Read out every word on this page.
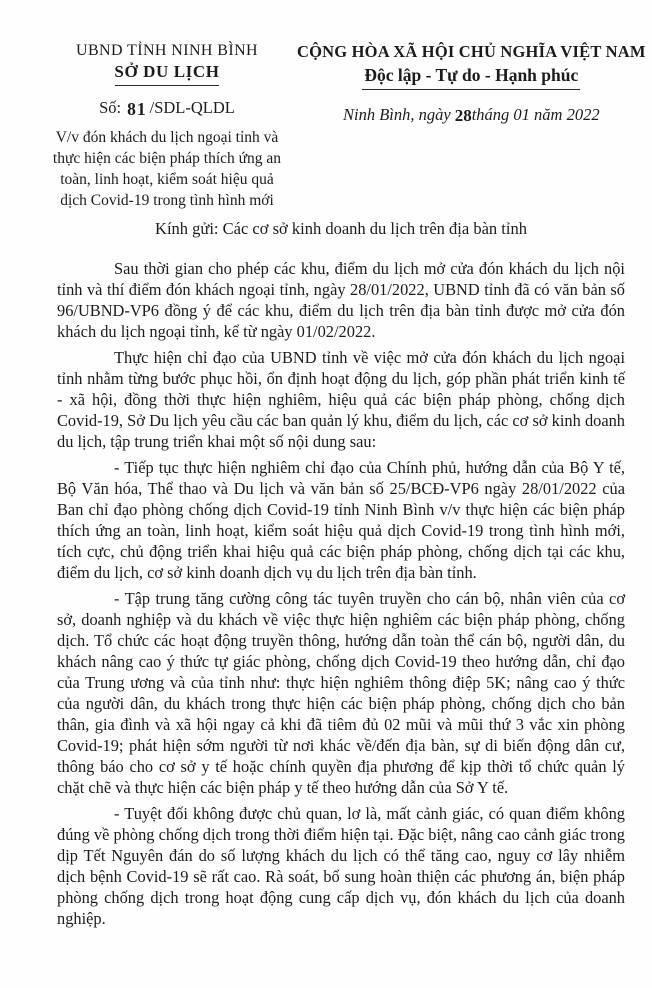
UBND TỈNH NINH BÌNH
SỞ DU LỊCH
Số: 81 /SDL-QLDL
V/v đón khách du lịch ngoại tỉnh và thực hiện các biện pháp thích ứng an toàn, linh hoạt, kiểm soát hiệu quả dịch Covid-19 trong tình hình mới
CỘNG HÒA XÃ HỘI CHỦ NGHĨA VIỆT NAM
Độc lập - Tự do - Hạnh phúc
Ninh Bình, ngày 28tháng 01 năm 2022
Kính gửi: Các cơ sở kinh doanh du lịch trên địa bàn tỉnh

Sau thời gian cho phép các khu, điểm du lịch mở cửa đón khách du lịch nội tỉnh và thí điểm đón khách ngoại tỉnh, ngày 28/01/2022, UBND tỉnh đã có văn bản số 96/UBND-VP6 đồng ý để các khu, điểm du lịch trên địa bàn tỉnh được mở cửa đón khách du lịch ngoại tỉnh, kể từ ngày 01/02/2022.

Thực hiện chỉ đạo của UBND tỉnh về việc mở cửa đón khách du lịch ngoại tỉnh nhằm từng bước phục hồi, ổn định hoạt động du lịch, góp phần phát triển kinh tế - xã hội, đồng thời thực hiện nghiêm, hiệu quả các biện pháp phòng, chống dịch Covid-19, Sở Du lịch yêu cầu các ban quản lý khu, điểm du lịch, các cơ sở kinh doanh du lịch, tập trung triển khai một số nội dung sau:

- Tiếp tục thực hiện nghiêm chỉ đạo của Chính phủ, hướng dẫn của Bộ Y tế, Bộ Văn hóa, Thể thao và Du lịch và văn bản số 25/BCĐ-VP6 ngày 28/01/2022 của Ban chỉ đạo phòng chống dịch Covid-19 tỉnh Ninh Bình v/v thực hiện các biện pháp thích ứng an toàn, linh hoạt, kiểm soát hiệu quả dịch Covid-19 trong tình hình mới, tích cực, chủ động triển khai hiệu quả các biện pháp phòng, chống dịch tại các khu, điểm du lịch, cơ sở kinh doanh dịch vụ du lịch trên địa bàn tỉnh.

- Tập trung tăng cường công tác tuyên truyền cho cán bộ, nhân viên của cơ sở, doanh nghiệp và du khách về việc thực hiện nghiêm các biện pháp phòng, chống dịch. Tổ chức các hoạt động truyền thông, hướng dẫn toàn thể cán bộ, người dân, du khách nâng cao ý thức tự giác phòng, chống dịch Covid-19 theo hướng dẫn, chỉ đạo của Trung ương và của tỉnh như: thực hiện nghiêm thông điệp 5K; nâng cao ý thức của người dân, du khách trong thực hiện các biện pháp phòng, chống dịch cho bản thân, gia đình và xã hội ngay cả khi đã tiêm đủ 02 mũi và mũi thứ 3 vắc xin phòng Covid-19; phát hiện sớm người từ nơi khác về/đến địa bàn, sự di biến động dân cư, thông báo cho cơ sở y tế hoặc chính quyền địa phương để kịp thời tổ chức quản lý chặt chẽ và thực hiện các biện pháp y tế theo hướng dẫn của Sở Y tế.

- Tuyệt đối không được chủ quan, lơ là, mất cảnh giác, có quan điểm không đúng về phòng chống dịch trong thời điểm hiện tại. Đặc biệt, nâng cao cảnh giác trong dịp Tết Nguyên đán do số lượng khách du lịch có thể tăng cao, nguy cơ lây nhiễm dịch bệnh Covid-19 sẽ rất cao. Rà soát, bổ sung hoàn thiện các phương án, biện pháp phòng chống dịch trong hoạt động cung cấp dịch vụ, đón khách du lịch của doanh nghiệp.
